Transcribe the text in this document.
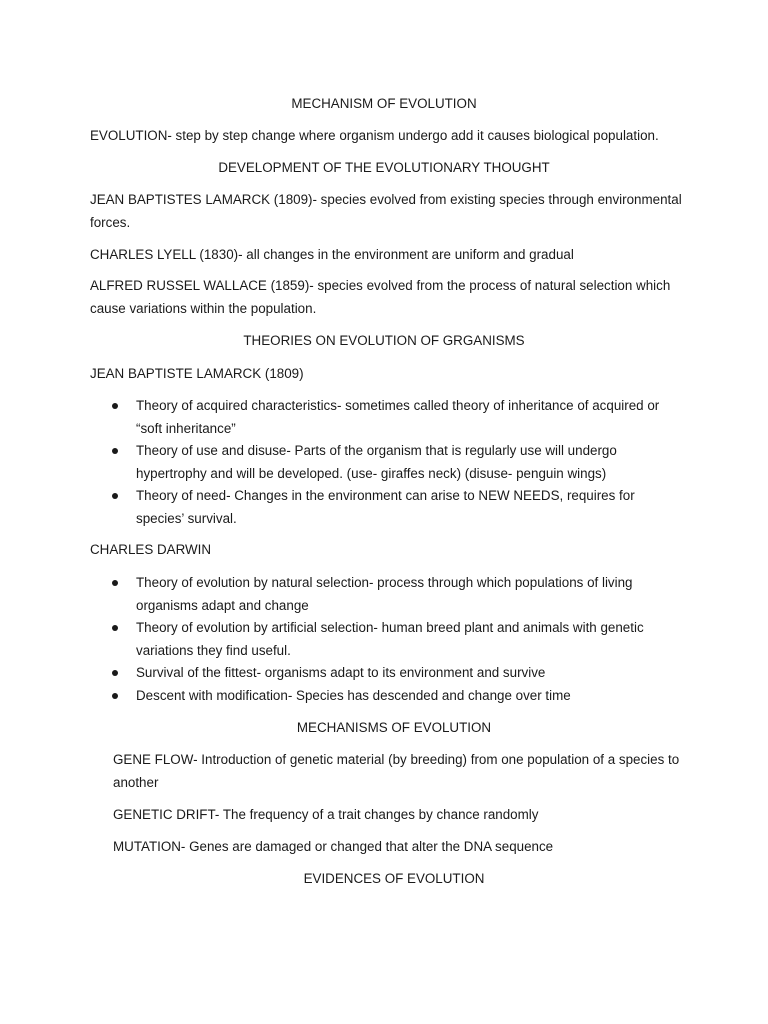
MECHANISM OF EVOLUTION
EVOLUTION- step by step change where organism undergo add it causes biological population.
DEVELOPMENT OF THE EVOLUTIONARY THOUGHT
JEAN BAPTISTES LAMARCK (1809)- species evolved from existing species through environmental forces.
CHARLES LYELL (1830)- all changes in the environment are uniform and gradual
ALFRED RUSSEL WALLACE (1859)- species evolved from the process of natural selection which cause variations within the population.
THEORIES ON EVOLUTION OF GRGANISMS
JEAN BAPTISTE LAMARCK (1809)
Theory of acquired characteristics- sometimes called theory of inheritance of acquired or “soft inheritance”
Theory of use and disuse- Parts of the organism that is regularly use will undergo hypertrophy and will be developed. (use- giraffes neck) (disuse- penguin wings)
Theory of need- Changes in the environment can arise to NEW NEEDS, requires for species’ survival.
CHARLES DARWIN
Theory of evolution by natural selection- process through which populations of living organisms adapt and change
Theory of evolution by artificial selection- human breed plant and animals with genetic variations they find useful.
Survival of the fittest- organisms adapt to its environment and survive
Descent with modification- Species has descended and change over time
MECHANISMS OF EVOLUTION
GENE FLOW- Introduction of genetic material (by breeding) from one population of a species to another
GENETIC DRIFT- The frequency of a trait changes by chance randomly
MUTATION- Genes are damaged or changed that alter the DNA sequence
EVIDENCES OF EVOLUTION
